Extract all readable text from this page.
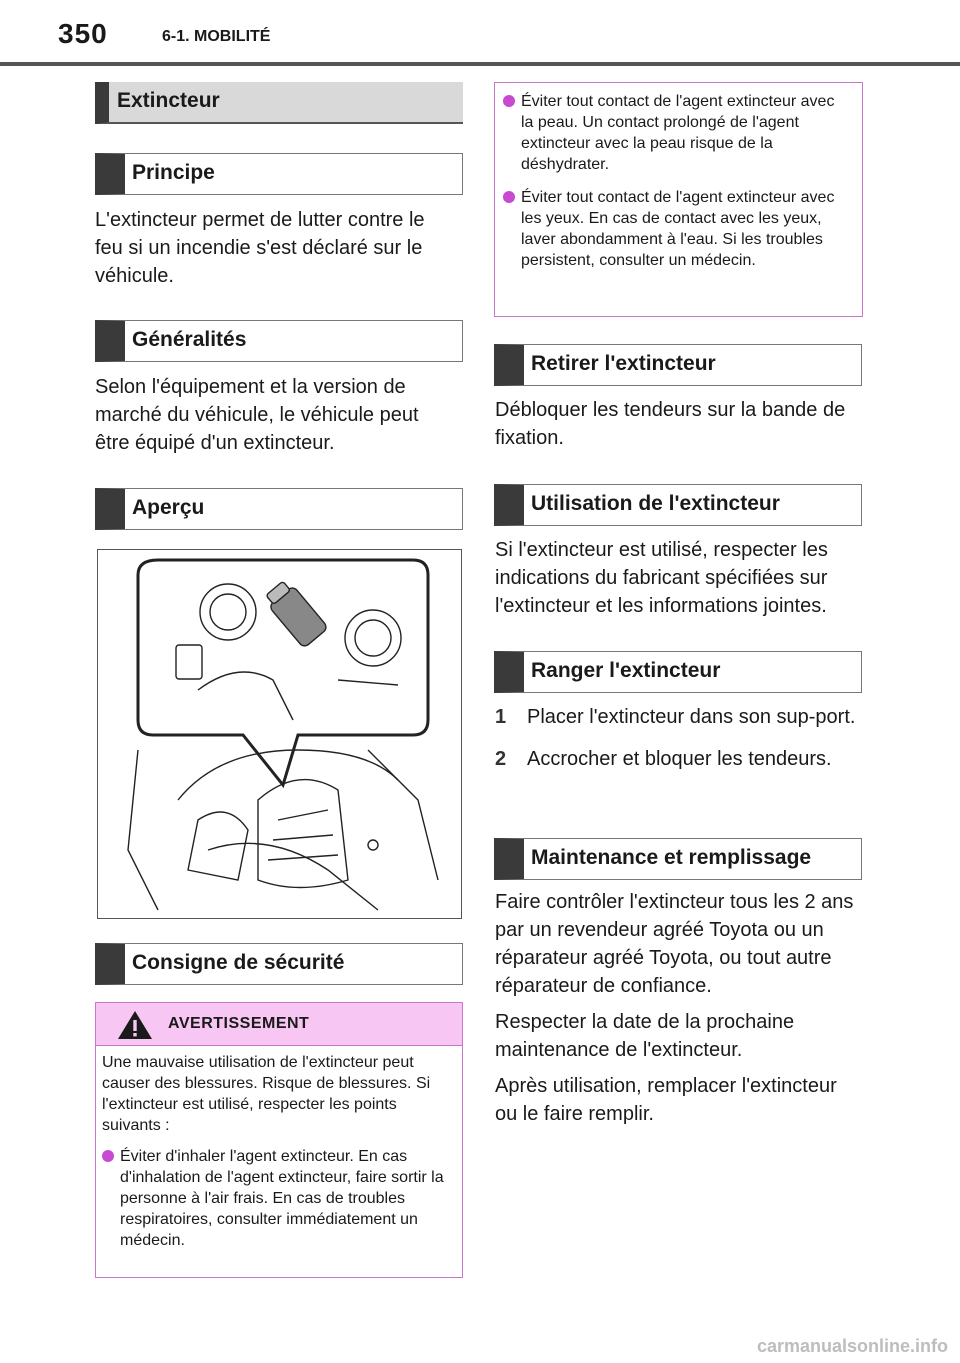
350	6-1. MOBILITÉ
Extincteur
Principe
L'extincteur permet de lutter contre le feu si un incendie s'est déclaré sur le véhicule.
Généralités
Selon l'équipement et la version de marché du véhicule, le véhicule peut être équipé d'un extincteur.
Aperçu
Consigne de sécurité
AVERTISSEMENT

Une mauvaise utilisation de l'extincteur peut causer des blessures. Risque de blessures. Si l'extincteur est utilisé, respecter les points suivants :

Éviter d'inhaler l'agent extincteur. En cas d'inhalation de l'agent extincteur, faire sortir la personne à l'air frais. En cas de troubles respiratoires, consulter immédiatement un médecin.
Éviter tout contact de l'agent extincteur avec la peau. Un contact prolongé de l'agent extincteur avec la peau risque de la déshydrater.
Éviter tout contact de l'agent extincteur avec les yeux. En cas de contact avec les yeux, laver abondamment à l'eau. Si les troubles persistent, consulter un médecin.
Retirer l'extincteur
Débloquer les tendeurs sur la bande de fixation.
Utilisation de l'extincteur
Si l'extincteur est utilisé, respecter les indications du fabricant spécifiées sur l'extincteur et les informations jointes.
Ranger l'extincteur
1	Placer l'extincteur dans son sup-port.
2	Accrocher et bloquer les tendeurs.
Maintenance et remplissage

Faire contrôler l'extincteur tous les 2 ans par un revendeur agréé Toyota ou un réparateur agréé Toyota, ou tout autre réparateur de confiance.

Respecter la date de la prochaine maintenance de l'extincteur.

Après utilisation, remplacer l'extincteur ou le faire remplir.

carmanualsonline.info
